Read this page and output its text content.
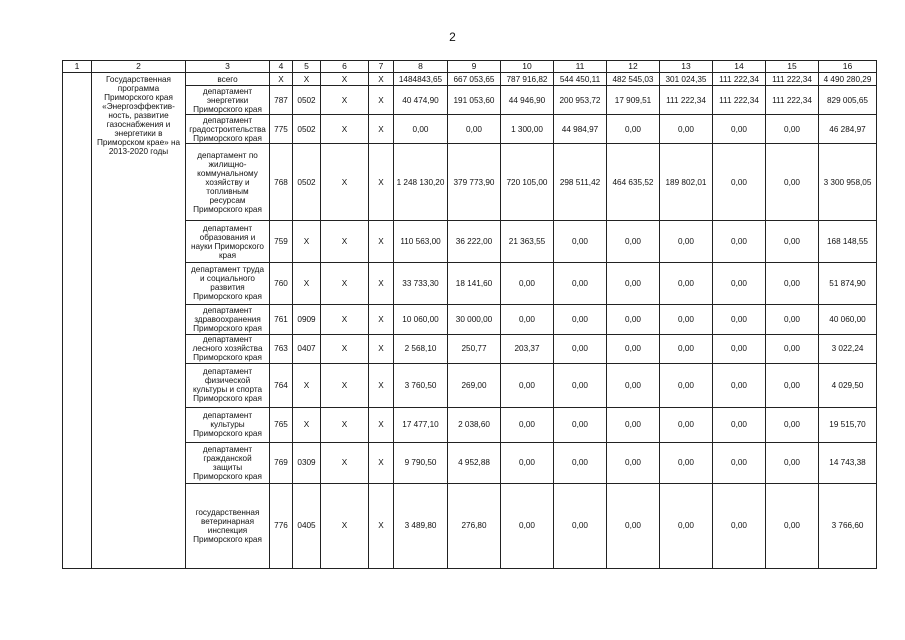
2
1	2	3	4	5	6	7	8	9	10	11	12	13	14	15	16
	Государственная программа Приморского края «Энергоэффектив-ность, развитие газоснабжения и энергетики в Приморском крае» на 2013-2020 годы	всего	Х	Х	Х	Х	1484843,65	667 053,65	787 916,82	544 450,11	482 545,03	301 024,35	111 222,34	111 222,34	4 490 280,29
		департамент энергетики Приморского края	787	0502	Х	Х	40 474,90	191 053,60	44 946,90	200 953,72	17 909,51	111 222,34	111 222,34	111 222,34	829 005,65
		департамент градостроительства Приморского края	775	0502	Х	Х	0,00	0,00	1 300,00	44 984,97	0,00	0,00	0,00	0,00	46 284,97
		департамент по жилищно-коммунальному хозяйству и топливным ресурсам Приморского края	768	0502	Х	Х	1 248 130,20	379 773,90	720 105,00	298 511,42	464 635,52	189 802,01	0,00	0,00	3 300 958,05
		департамент образования и науки Приморского края	759	Х	Х	Х	110 563,00	36 222,00	21 363,55	0,00	0,00	0,00	0,00	0,00	168 148,55
		департамент труда и социального развития Приморского края	760	Х	Х	Х	33 733,30	18 141,60	0,00	0,00	0,00	0,00	0,00	0,00	51 874,90
		департамент здравоохранения Приморского края	761	0909	Х	Х	10 060,00	30 000,00	0,00	0,00	0,00	0,00	0,00	0,00	40 060,00
		департамент лесного хозяйства Приморского края	763	0407	Х	Х	2 568,10	250,77	203,37	0,00	0,00	0,00	0,00	0,00	3 022,24
		департамент физической культуры и спорта Приморского края	764	Х	Х	Х	3 760,50	269,00	0,00	0,00	0,00	0,00	0,00	0,00	4 029,50
		департамент культуры Приморского края	765	Х	Х	Х	17 477,10	2 038,60	0,00	0,00	0,00	0,00	0,00	0,00	19 515,70
		департамент гражданской защиты Приморского края	769	0309	Х	Х	9 790,50	4 952,88	0,00	0,00	0,00	0,00	0,00	0,00	14 743,38
		государственная ветеринарная инспекция Приморского края	776	0405	Х	Х	3 489,80	276,80	0,00	0,00	0,00	0,00	0,00	0,00	3 766,60
